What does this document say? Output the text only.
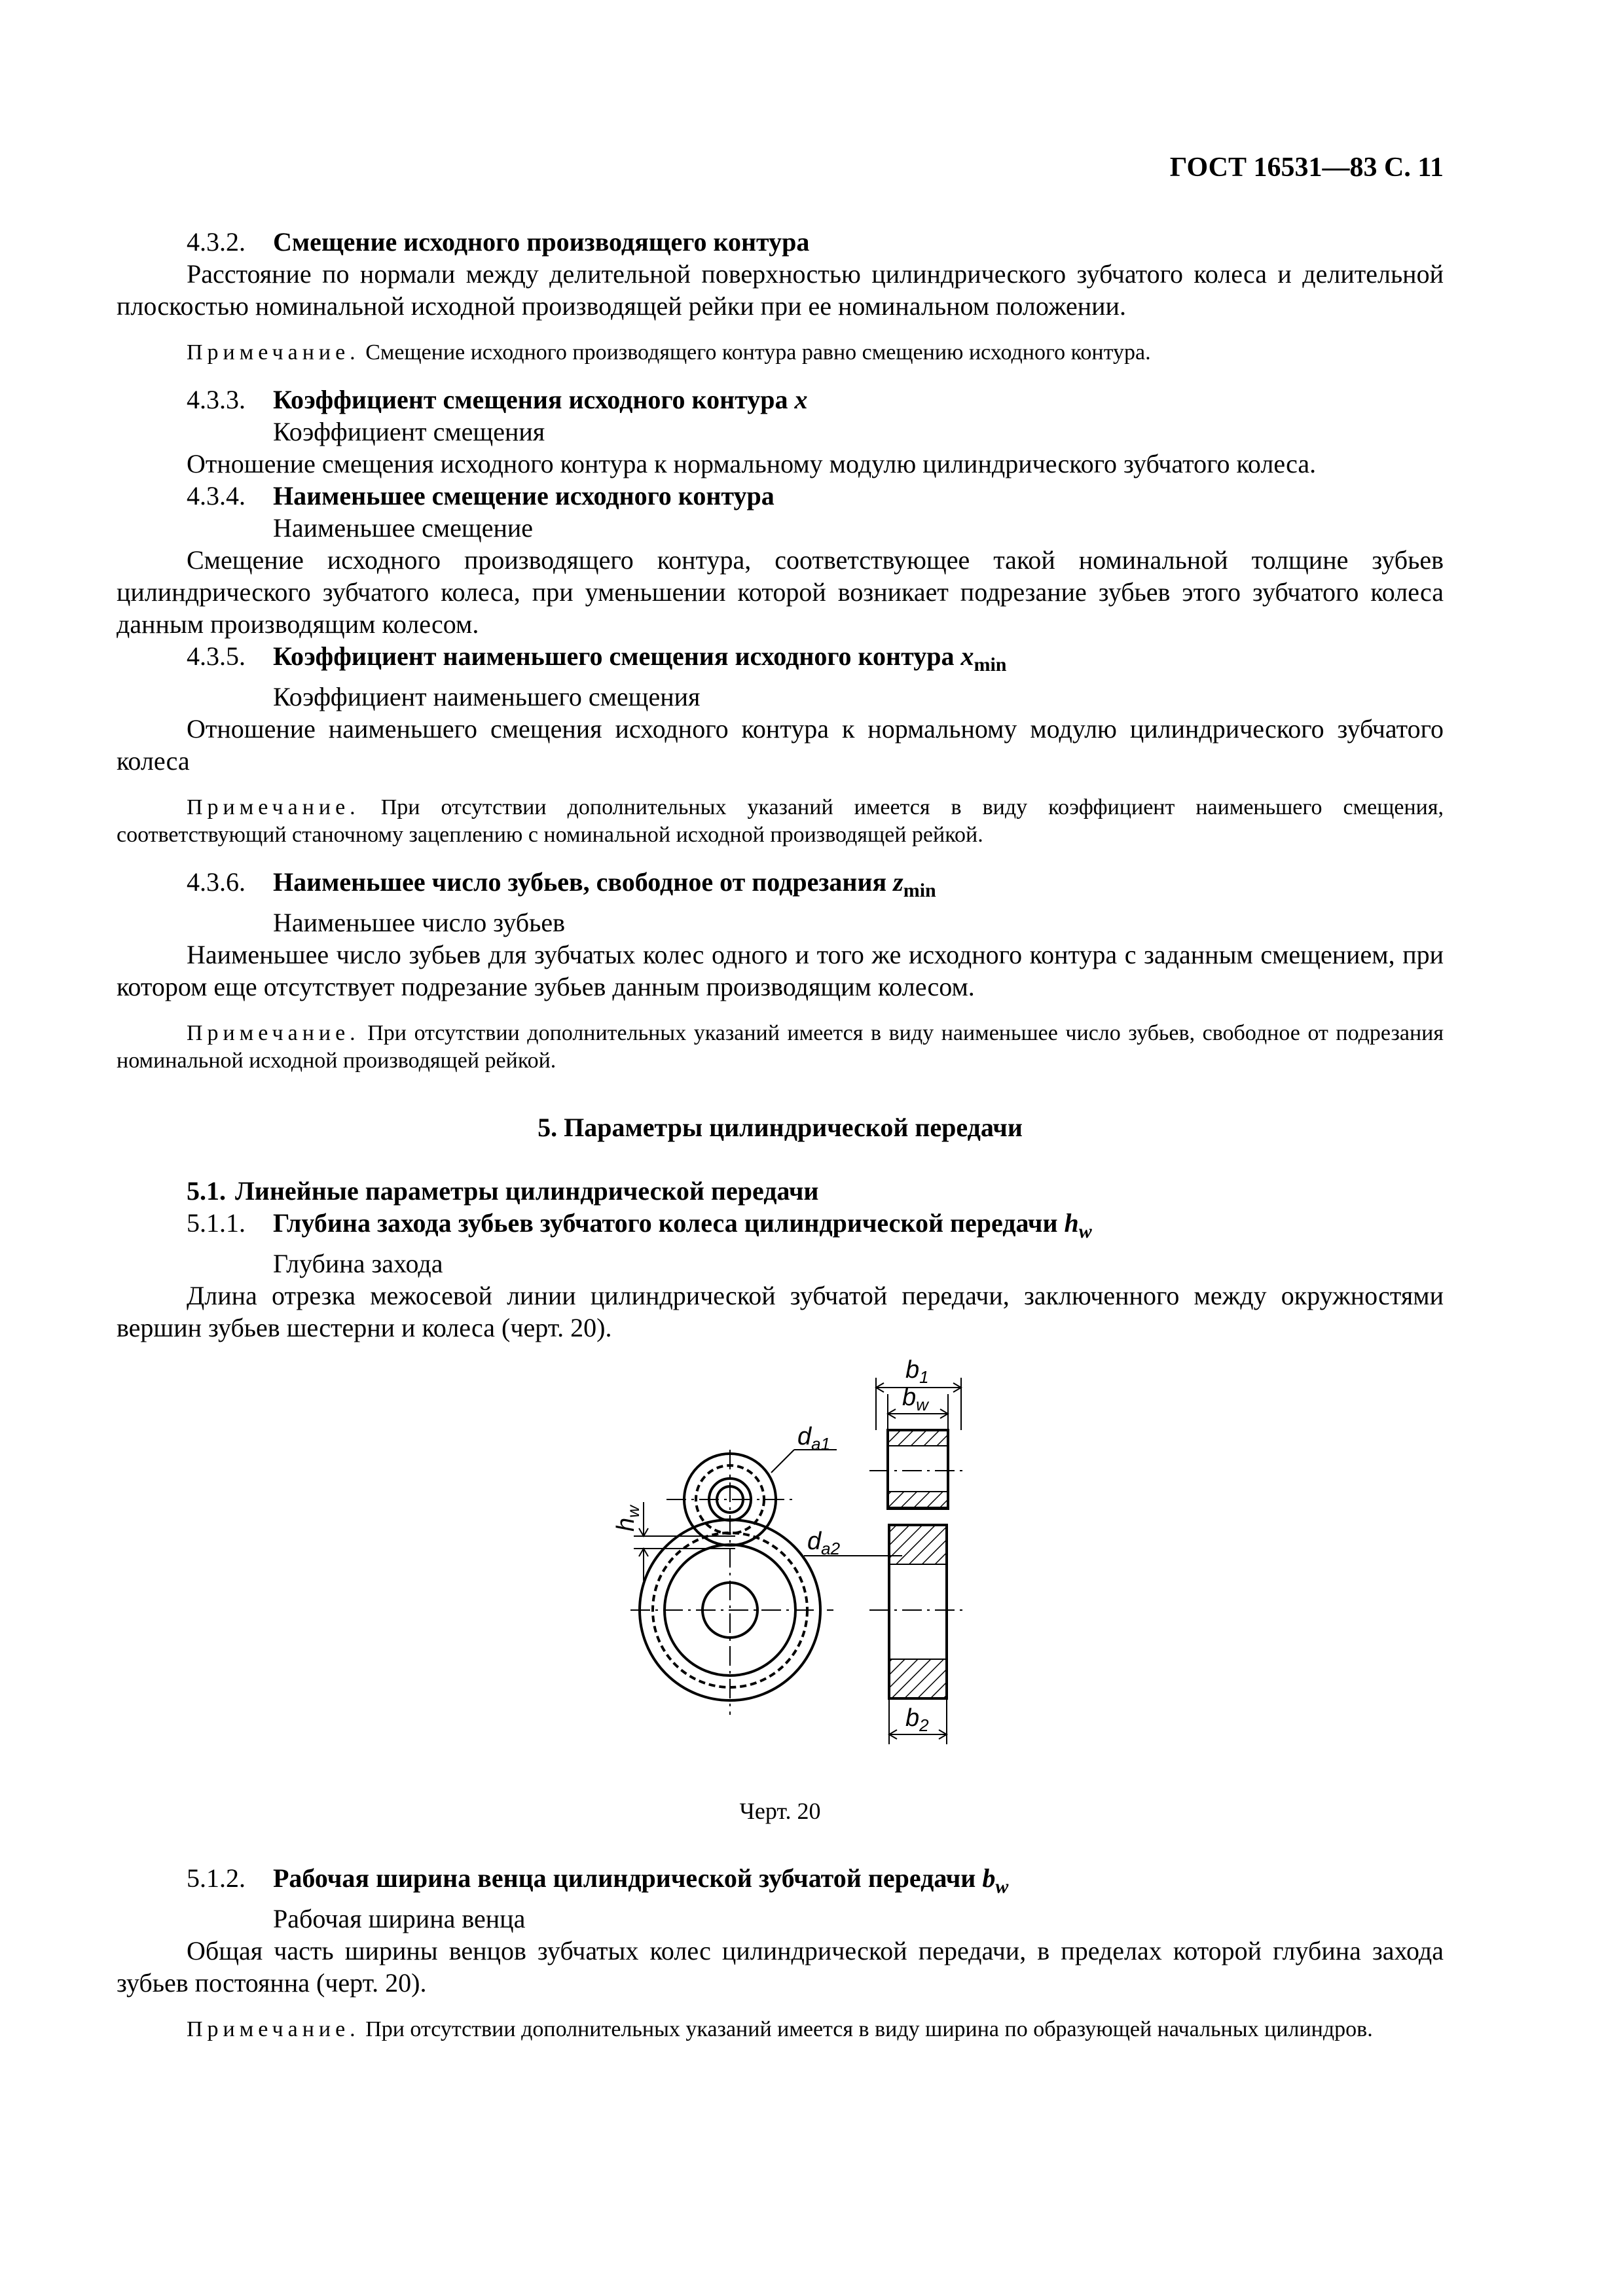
ГОСТ 16531—83 С. 11

4.3.2. Смещение исходного производящего контура

Расстояние по нормали между делительной поверхностью цилиндрического зубчатого колеса и делительной плоскостью номинальной исходной производящей рейки при ее номинальном положении.

Примечание. Смещение исходного производящего контура равно смещению исходного контура.

4.3.3. Коэффициент смещения исходного контура x

Коэффициент смещения

Отношение смещения исходного контура к нормальному модулю цилиндрического зубчатого колеса.

4.3.4. Наименьшее смещение исходного контура

Наименьшее смещение

Смещение исходного производящего контура, соответствующее такой номинальной толщине зубьев цилиндрического зубчатого колеса, при уменьшении которой возникает подрезание зубьев этого зубчатого колеса данным производящим колесом.

4.3.5. Коэффициент наименьшего смещения исходного контура $x_{min}$

Коэффициент наименьшего смещения

Отношение наименьшего смещения исходного контура к нормальному модулю цилиндрического зубчатого колеса

Примечание. При отсутствии дополнительных указаний имеется в виду коэффициент наименьшего смещения, соответствующий станочному зацеплению с номинальной исходной производящей рейкой.

4.3.6. Наименьшее число зубьев, свободное от подрезания $z_{min}$

Наименьшее число зубьев

Наименьшее число зубьев для зубчатых колес одного и того же исходного контура с заданным смещением, при котором еще отсутствует подрезание зубьев данным производящим колесом.

Примечание. При отсутствии дополнительных указаний имеется в виду наименьшее число зубьев, свободное от подрезания номинальной исходной производящей рейкой.

5. Параметры цилиндрической передачи

5.1. Линейные параметры цилиндрической передачи

5.1.1. Глубина захода зубьев зубчатого колеса цилиндрической передачи $h_w$

Глубина захода

Длина отрезка межосевой линии цилиндрической зубчатой передачи, заключенного между окружностями вершин зубьев шестерни и колеса (черт. 20).

$b_1$
$b_w$
$d_{a1}$
$d_{a2}$
$h_w$
$b_2$

Черт. 20

5.1.2. Рабочая ширина венца цилиндрической зубчатой передачи $b_w$

Рабочая ширина венца

Общая часть ширины венцов зубчатых колес цилиндрической передачи, в пределах которой глубина захода зубьев постоянна (черт. 20).

Примечание. При отсутствии дополнительных указаний имеется в виду ширина по образующей начальных цилиндров.
